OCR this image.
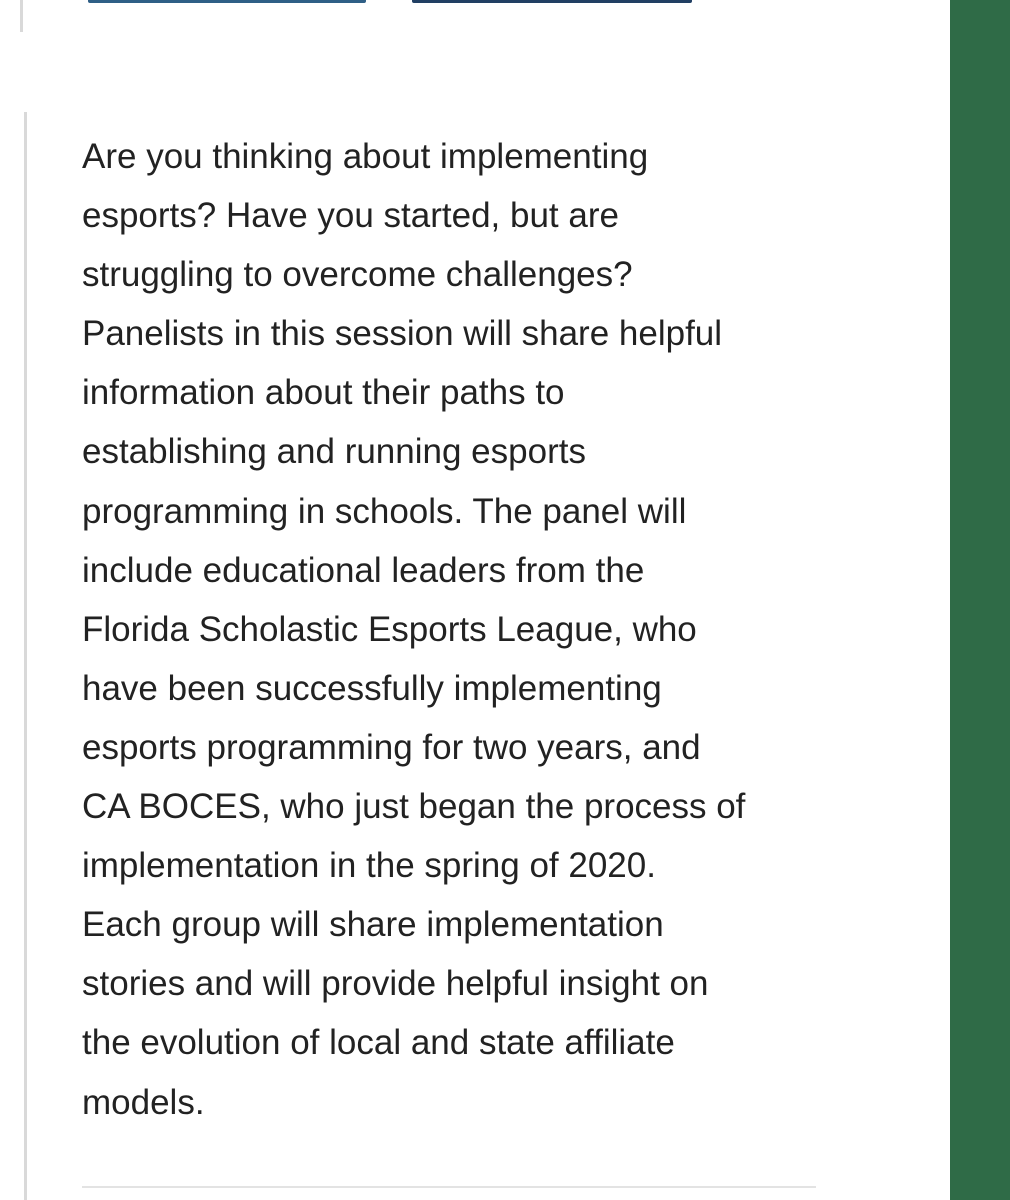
Are you thinking about implementing
esports? Have you started, but are
struggling to overcome challenges?
Panelists in this session will share helpful
information about their paths to
establishing and running esports
programming in schools. The panel will
include educational leaders from the
Florida Scholastic Esports League, who
have been successfully implementing
esports programming for two years, and
CA BOCES, who just began the process of
implementation in the spring of 2020.
Each group will share implementation
stories and will provide helpful insight on
the evolution of local and state affiliate
models.
